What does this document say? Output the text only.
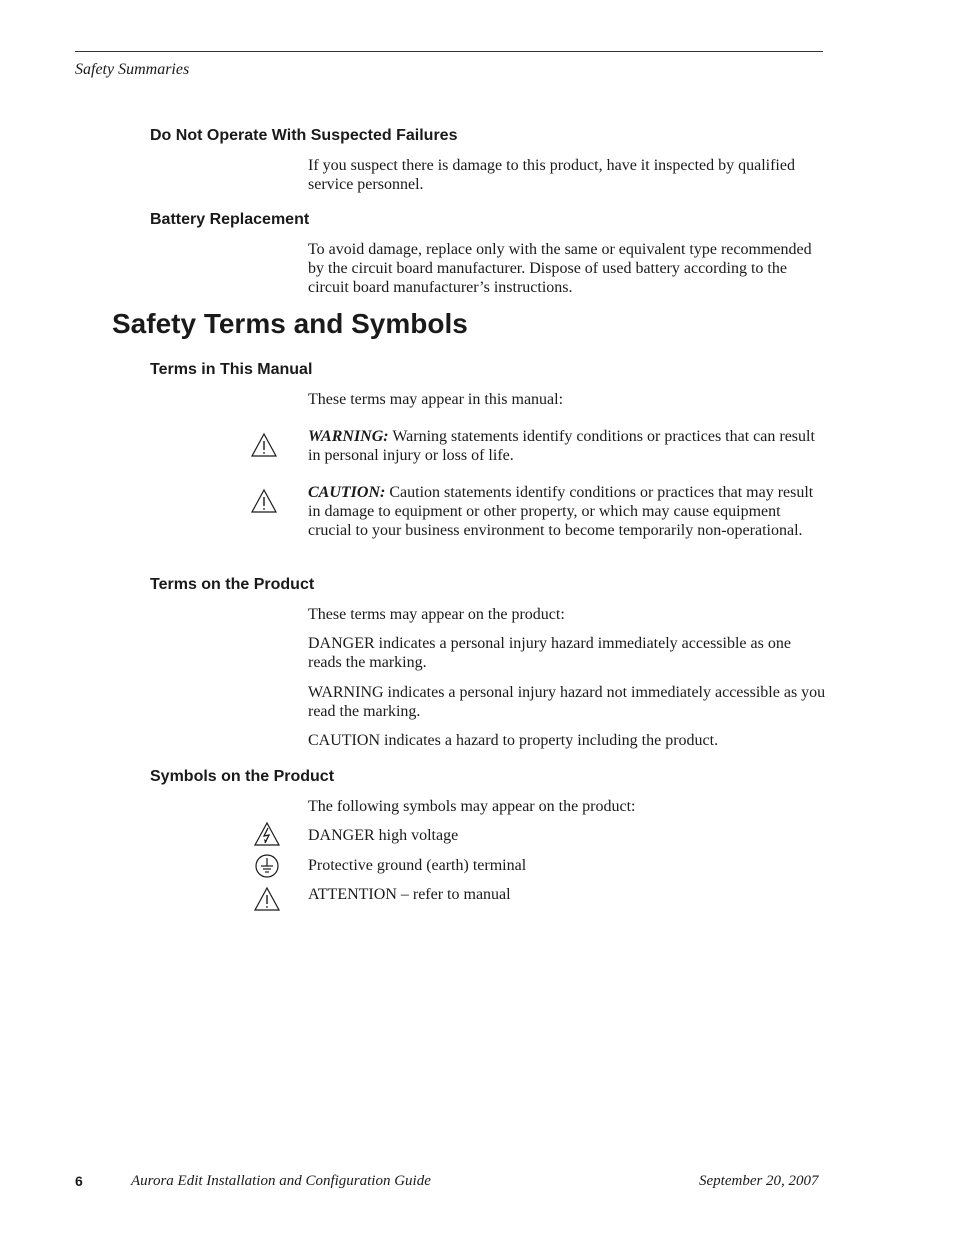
Safety Summaries
Do Not Operate With Suspected Failures
If you suspect there is damage to this product, have it inspected by qualified service personnel.
Battery Replacement
To avoid damage, replace only with the same or equivalent type recommended by the circuit board manufacturer. Dispose of used battery according to the circuit board manufacturer’s instructions.
Safety Terms and Symbols
Terms in This Manual
These terms may appear in this manual:
WARNING: Warning statements identify conditions or practices that can result in personal injury or loss of life.
CAUTION: Caution statements identify conditions or practices that may result in damage to equipment or other property, or which may cause equipment crucial to your business environment to become temporarily non-operational.
Terms on the Product
These terms may appear on the product:
DANGER indicates a personal injury hazard immediately accessible as one reads the marking.
WARNING indicates a personal injury hazard not immediately accessible as you read the marking.
CAUTION indicates a hazard to property including the product.
Symbols on the Product
The following symbols may appear on the product:
DANGER high voltage
Protective ground (earth) terminal
ATTENTION – refer to manual
6	Aurora Edit Installation and Configuration Guide	September 20, 2007
